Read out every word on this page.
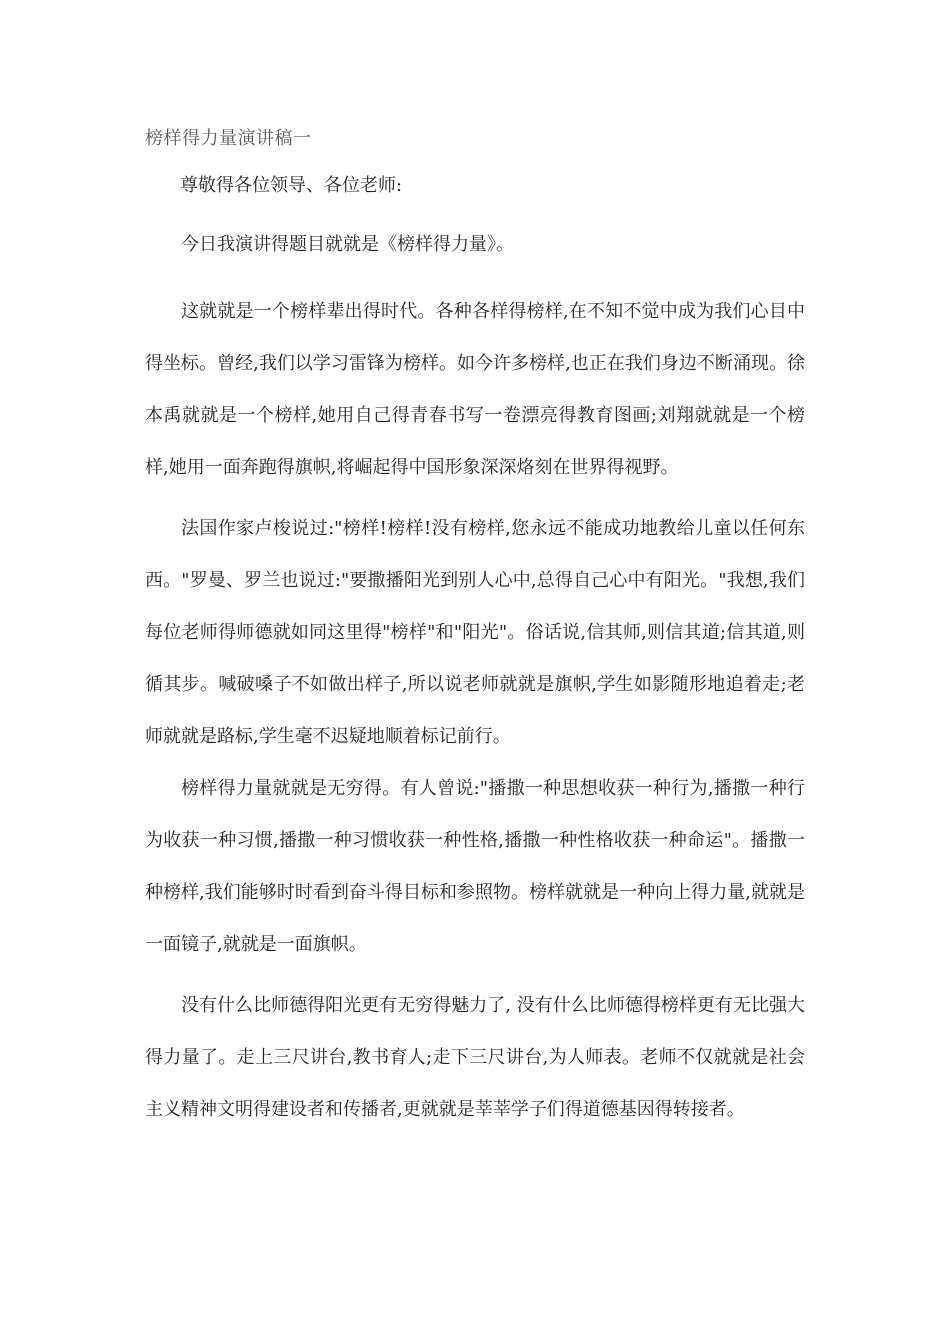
榜样得力量演讲稿一

尊敬得各位领导、各位老师:

今日我演讲得题目就就是《榜样得力量》。

这就就是一个榜样辈出得时代。各种各样得榜样,在不知不觉中成为我们心目中得坐标。曾经,我们以学习雷锋为榜样。如今许多榜样,也正在我们身边不断涌现。徐本禹就就是一个榜样,她用自己得青春书写一卷漂亮得教育图画;刘翔就就是一个榜样,她用一面奔跑得旗帜,将崛起得中国形象深深烙刻在世界得视野。

法国作家卢梭说过:"榜样!榜样!没有榜样,您永远不能成功地教给儿童以任何东西。"罗曼、罗兰也说过:"要撒播阳光到别人心中,总得自己心中有阳光。"我想,我们每位老师得师德就如同这里得"榜样"和"阳光"。俗话说,信其师,则信其道;信其道,则循其步。喊破嗓子不如做出样子,所以说老师就就是旗帜,学生如影随形地追着走;老师就就是路标,学生毫不迟疑地顺着标记前行。

榜样得力量就就是无穷得。有人曾说:"播撒一种思想收获一种行为,播撒一种行为收获一种习惯,播撒一种习惯收获一种性格,播撒一种性格收获一种命运"。播撒一种榜样,我们能够时时看到奋斗得目标和参照物。榜样就就是一种向上得力量,就就是一面镜子,就就是一面旗帜。

没有什么比师德得阳光更有无穷得魅力了, 没有什么比师德得榜样更有无比强大得力量了。走上三尺讲台,教书育人;走下三尺讲台,为人师表。老师不仅就就是社会主义精神文明得建设者和传播者,更就就是莘莘学子们得道德基因得转接者。
